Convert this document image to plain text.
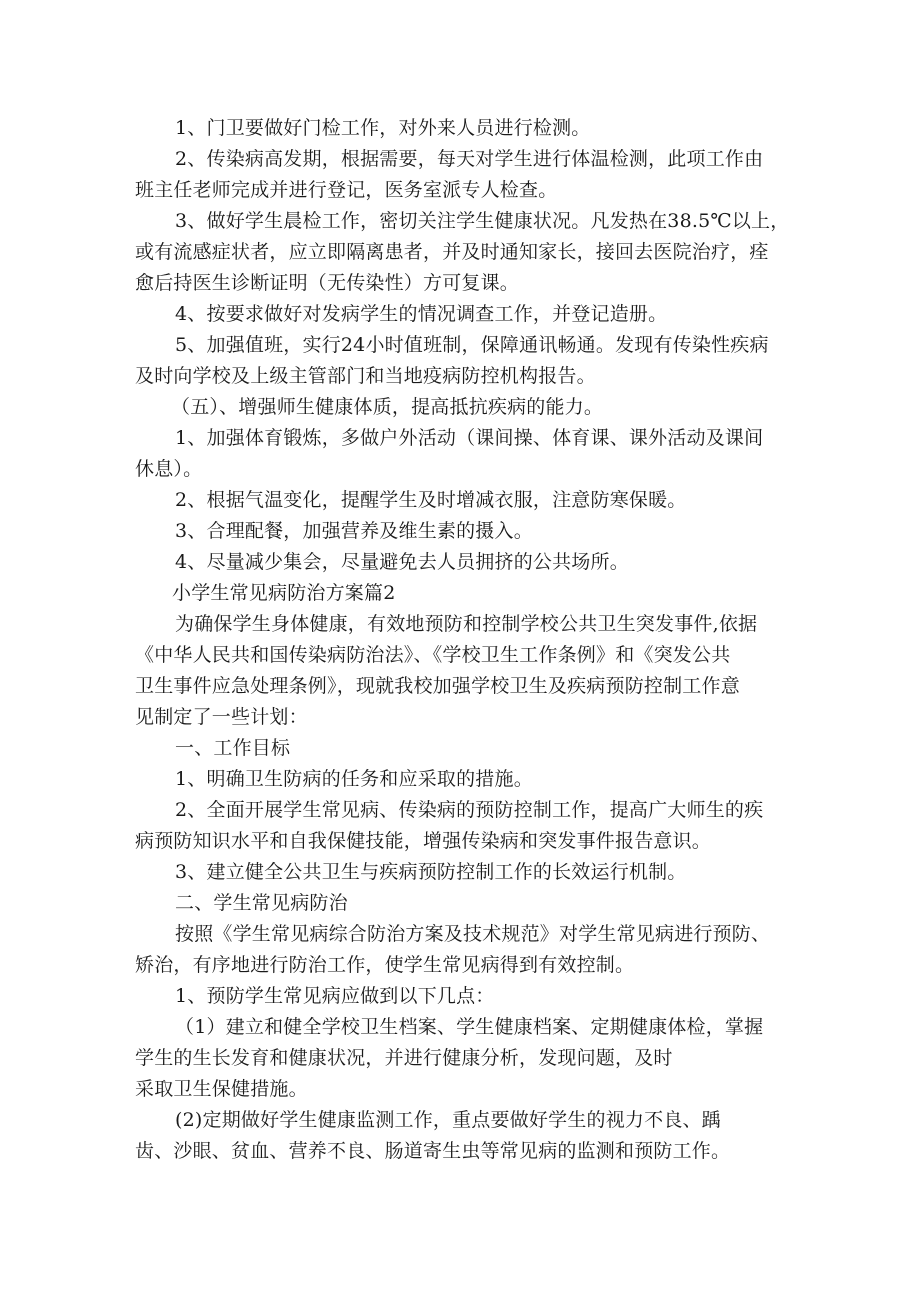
1、门卫要做好门检工作，对外来人员进行检测。
2、传染病高发期，根据需要，每天对学生进行体温检测，此项工作由
班主任老师完成并进行登记，医务室派专人检查。
3、做好学生晨检工作，密切关注学生健康状况。凡发热在38.5℃以上，
或有流感症状者，应立即隔离患者，并及时通知家长，接回去医院治疗，痊
愈后持医生诊断证明（无传染性）方可复课。
4、按要求做好对发病学生的情况调查工作，并登记造册。
5、加强值班，实行24小时值班制，保障通讯畅通。发现有传染性疾病
及时向学校及上级主管部门和当地疫病防控机构报告。
（五）、增强师生健康体质，提高抵抗疾病的能力。
1、加强体育锻炼，多做户外活动（课间操、体育课、课外活动及课间
休息）。
2、根据气温变化，提醒学生及时增减衣服，注意防寒保暖。
3、合理配餐，加强营养及维生素的摄入。
4、尽量减少集会，尽量避免去人员拥挤的公共场所。
小学生常见病防治方案篇2
为确保学生身体健康，有效地预防和控制学校公共卫生突发事件,依据
《中华人民共和国传染病防治法》、《学校卫生工作条例》和《突发公共
卫生事件应急处理条例》，现就我校加强学校卫生及疾病预防控制工作意
见制定了一些计划：
一、工作目标
1、明确卫生防病的任务和应采取的措施。
2、全面开展学生常见病、传染病的预防控制工作，提高广大师生的疾
病预防知识水平和自我保健技能，增强传染病和突发事件报告意识。
3、建立健全公共卫生与疾病预防控制工作的长效运行机制。
二、学生常见病防治
按照《学生常见病综合防治方案及技术规范》对学生常见病进行预防、
矫治，有序地进行防治工作，使学生常见病得到有效控制。
1、预防学生常见病应做到以下几点：
（1）建立和健全学校卫生档案、学生健康档案、定期健康体检，掌握
学生的生长发育和健康状况，并进行健康分析，发现问题，及时
采取卫生保健措施。
(2)定期做好学生健康监测工作，重点要做好学生的视力不良、踽
齿、沙眼、贫血、营养不良、肠道寄生虫等常见病的监测和预防工作。
